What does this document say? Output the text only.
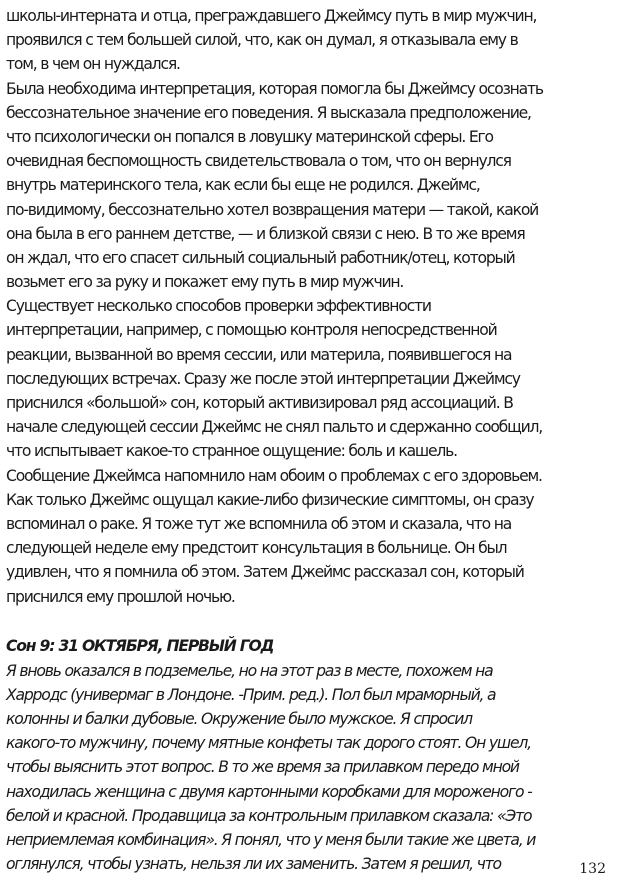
школы-интерната и отца, преграждавшего Джеймсу путь в мир мужчин,
проявился с тем большей силой, что, как он думал, я отказывала ему в
том, в чем он нуждался.
Была необходима интерпретация, которая помогла бы Джеймсу осознать
бессознательное значение его поведения. Я высказала предположение,
что психологически он попался в ловушку материнской сферы. Его
очевидная беспомощность свидетельствовала о том, что он вернулся
внутрь материнского тела, как если бы еще не родился. Джеймс,
по-видимому, бессознательно хотел возвращения матери — такой, какой
она была в его раннем детстве, — и близкой связи с нею. В то же время
он ждал, что его спасет сильный социальный работник/отец, который
возьмет его за руку и покажет ему путь в мир мужчин.
Существует несколько способов проверки эффективности
интерпретации, например, с помощью контроля непосредственной
реакции, вызванной во время сессии, или материла, появившегося на
последующих встречах. Сразу же после этой интерпретации Джеймсу
приснился «большой» сон, который активизировал ряд ассоциаций. В
начале следующей сессии Джеймс не снял пальто и сдержанно сообщил,
что испытывает какое-то странное ощущение: боль и кашель.
Сообщение Джеймса напомнило нам обоим о проблемах с его здоровьем.
Как только Джеймс ощущал какие-либо физические симптомы, он сразу
вспоминал о раке. Я тоже тут же вспомнила об этом и сказала, что на
следующей неделе ему предстоит консультация в больнице. Он был
удивлен, что я помнила об этом. Затем Джеймс рассказал сон, который
приснился ему прошлой ночью.
Сон 9: 31 ОКТЯБРЯ, ПЕРВЫЙ ГОД
Я вновь оказался в подземелье, но на этот раз в месте, похожем на
Харродс (универмаг в Лондоне. -Прим. ред.). Пол был мраморный, а
колонны и балки дубовые. Окружение было мужское. Я спросил
какого-то мужчину, почему мятные конфеты так дорого стоят. Он ушел,
чтобы выяснить этот вопрос. В то же время за прилавком передо мной
находилась женщина с двумя картонными коробками для мороженого -
белой и красной. Продавщица за контрольным прилавком сказала: «Это
неприемлемая комбинация». Я понял, что у меня были такие же цвета, и
оглянулся, чтобы узнать, нельзя ли их заменить. Затем я решил, что	132
